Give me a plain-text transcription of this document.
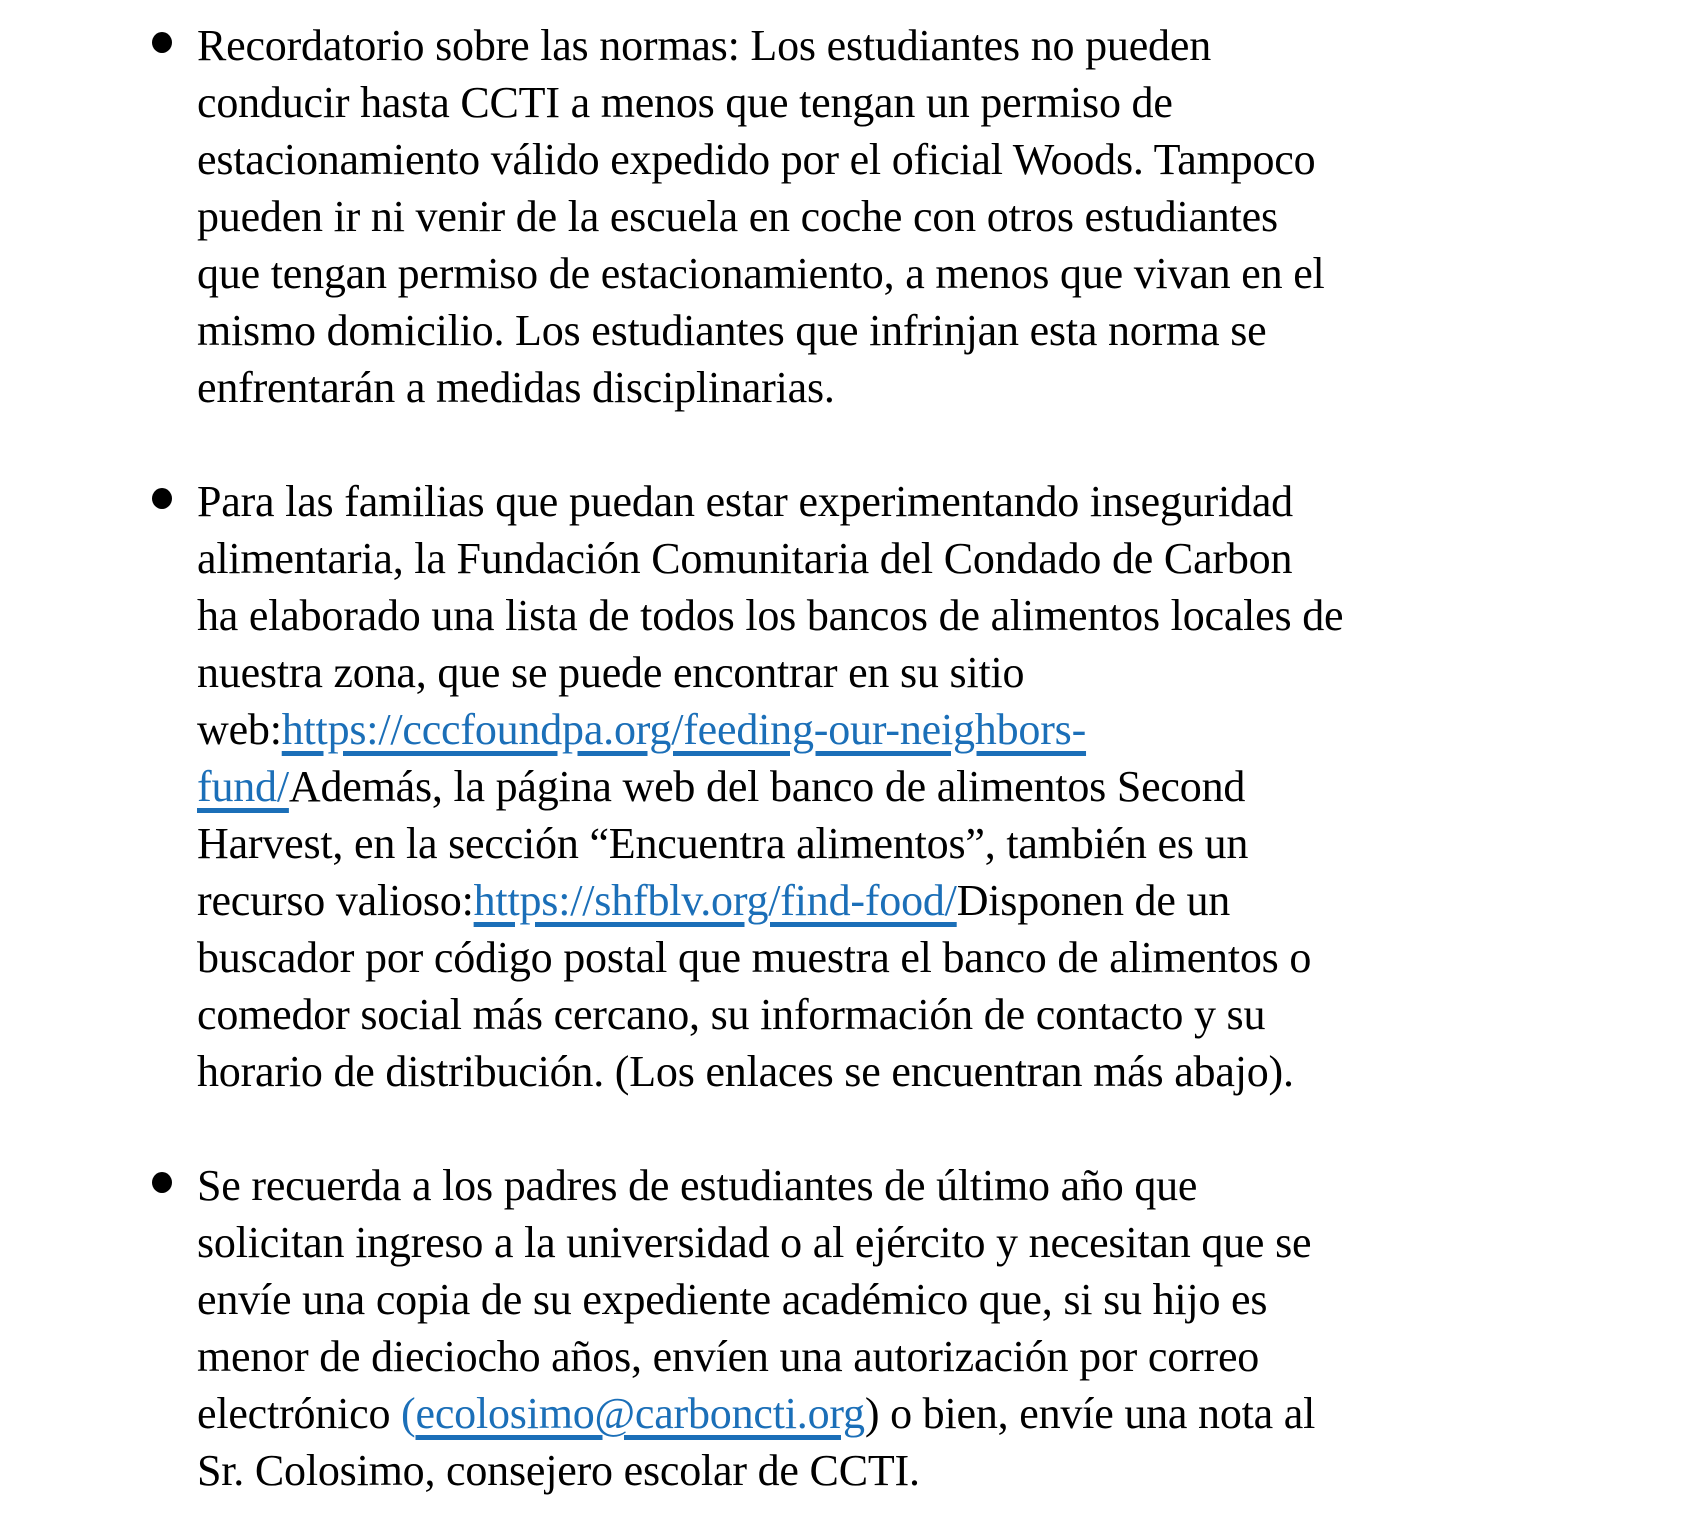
Recordatorio sobre las normas: Los estudiantes no pueden
conducir hasta CCTI a menos que tengan un permiso de
estacionamiento válido expedido por el oficial Woods. Tampoco
pueden ir ni venir de la escuela en coche con otros estudiantes
que tengan permiso de estacionamiento, a menos que vivan en el
mismo domicilio. Los estudiantes que infrinjan esta norma se
enfrentarán a medidas disciplinarias.
Para las familias que puedan estar experimentando inseguridad
alimentaria, la Fundación Comunitaria del Condado de Carbon
ha elaborado una lista de todos los bancos de alimentos locales de
nuestra zona, que se puede encontrar en su sitio
web:https://cccfoundpa.org/feeding-our-neighbors-
fund/Además, la página web del banco de alimentos Second
Harvest, en la sección “Encuentra alimentos”, también es un
recurso valioso:https://shfblv.org/find-food/Disponen de un
buscador por código postal que muestra el banco de alimentos o
comedor social más cercano, su información de contacto y su
horario de distribución. (Los enlaces se encuentran más abajo).
Se recuerda a los padres de estudiantes de último año que
solicitan ingreso a la universidad o al ejército y necesitan que se
envíe una copia de su expediente académico que, si su hijo es
menor de dieciocho años, envíen una autorización por correo
electrónico (ecolosimo@carboncti.org) o bien, envíe una nota al
Sr. Colosimo, consejero escolar de CCTI.
